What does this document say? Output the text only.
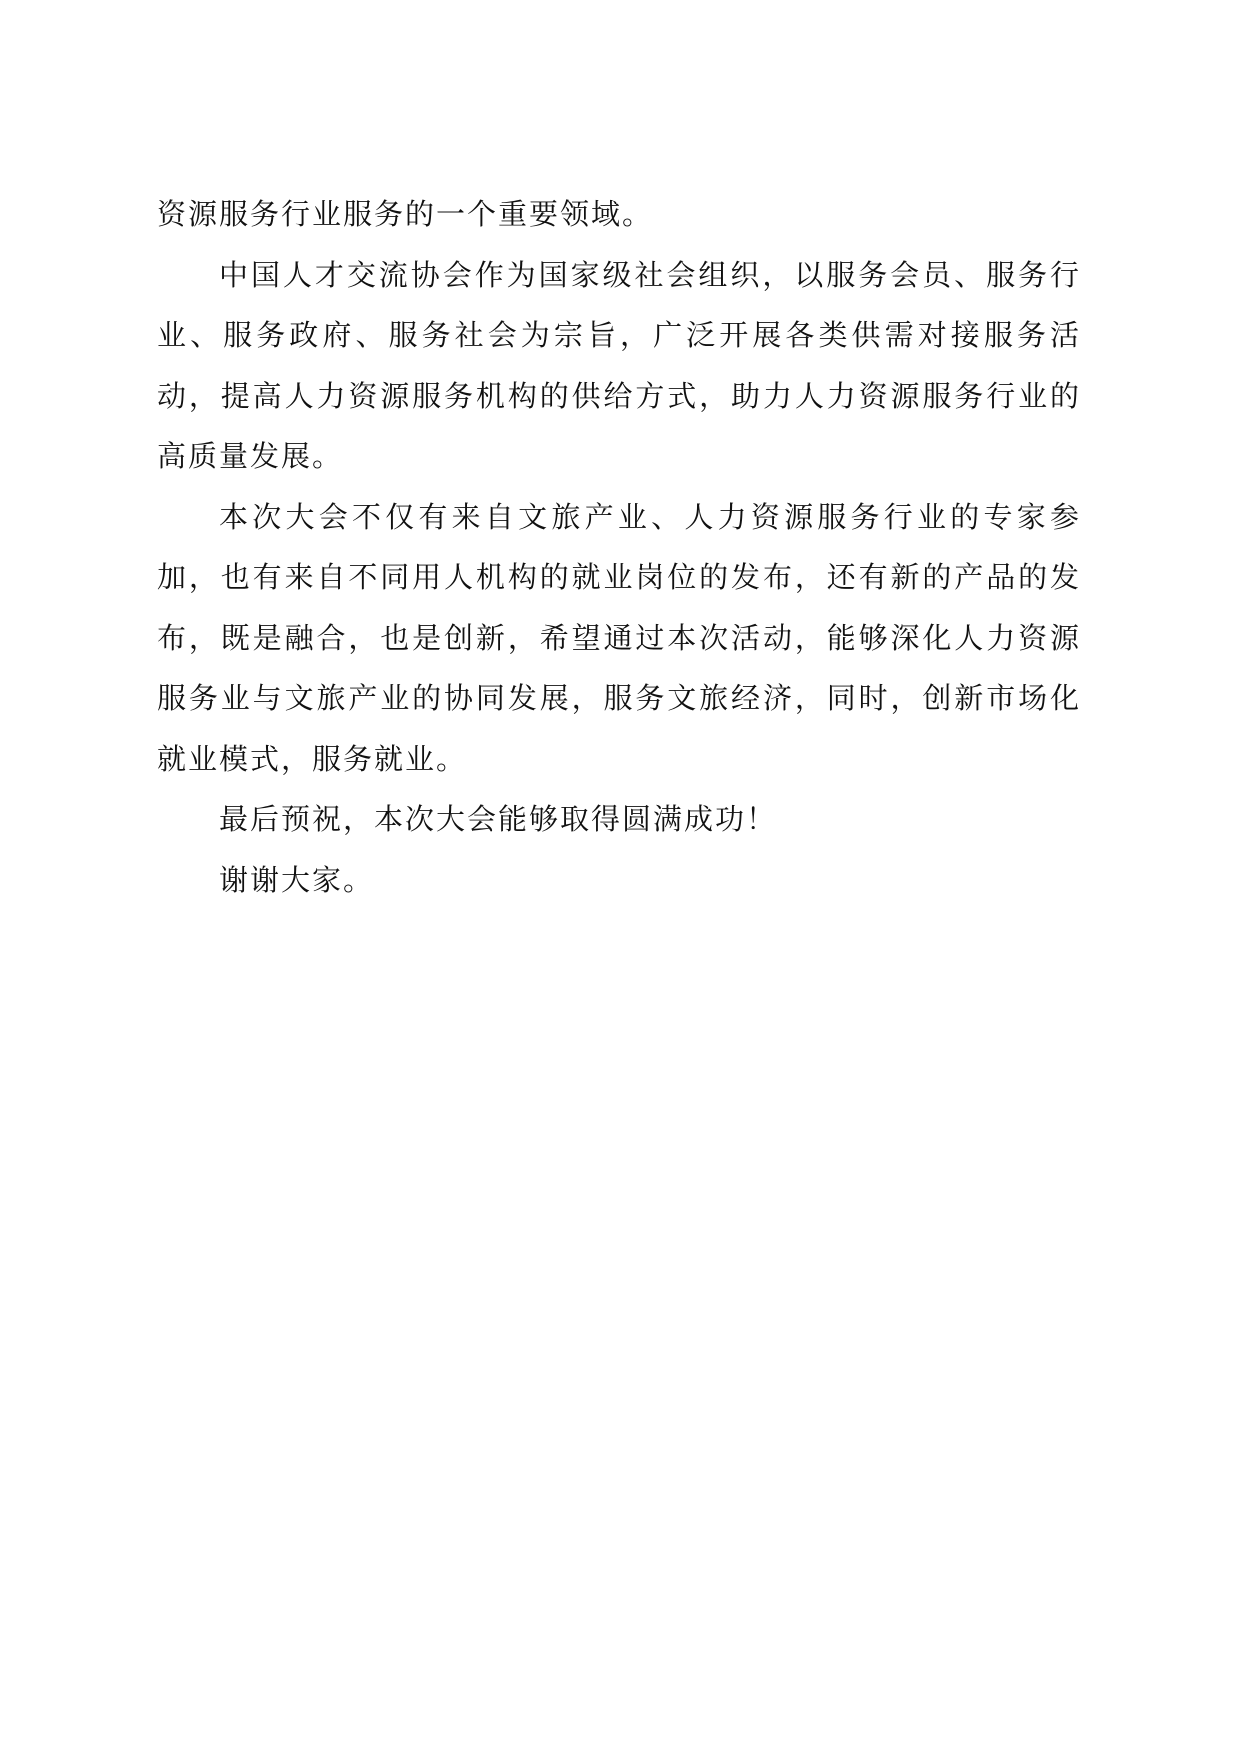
资源服务行业服务的一个重要领域。

中国人才交流协会作为国家级社会组织，以服务会员、服务行业、服务政府、服务社会为宗旨，广泛开展各类供需对接服务活动，提高人力资源服务机构的供给方式，助力人力资源服务行业的高质量发展。

本次大会不仅有来自文旅产业、人力资源服务行业的专家参加，也有来自不同用人机构的就业岗位的发布，还有新的产品的发布，既是融合，也是创新，希望通过本次活动，能够深化人力资源服务业与文旅产业的协同发展，服务文旅经济，同时，创新市场化就业模式，服务就业。

最后预祝，本次大会能够取得圆满成功！

谢谢大家。
